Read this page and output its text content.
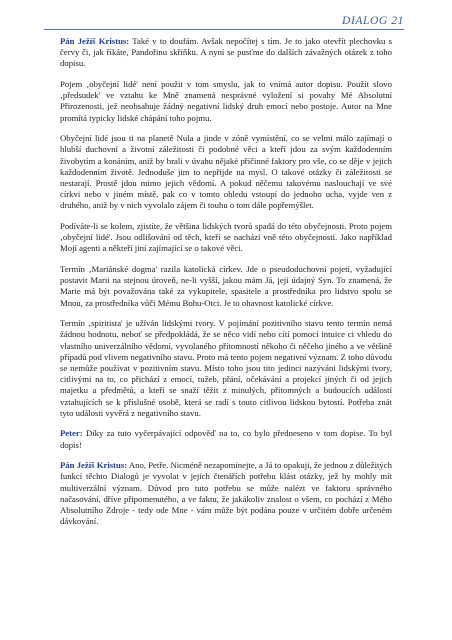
DIALOG 21

Pán Ježíš Kristus: Také v to doufám. Avšak nepočítej s tím. Je to jako otevřít plechovku s červy či, jak říkáte, Pandořinu skříňku. A nyní se pusťme do dalších závažných otázek z toho dopisu.

Pojem ‚obyčejní lidé' není použit v tom smyslu, jak to vnímá autor dopisu. Použít slovo ‚předsudek' ve vztahu ke Mně znamená nesprávné vyložení si povahy Mé Absolutní Přirozenosti, jež neobsahuje žádný negativní lidský druh emocí nebo postoje. Autor na Mne promítá typicky lidské chápání toho pojmu.

Obyčejní lidé jsou ti na planetě Nula a jinde v zóně vymístění, co se velmi málo zajímají o hlubší duchovní a životní záležitosti či podobné věci a kteří jdou za svým každodenním živobytím a konáním, aniž by brali v úvahu nějaké příčinné faktory pro vše, co se děje v jejich každodenním životě. Jednoduše jim to nepřijde na mysl. O takové otázky či záležitosti se nestarají. Prostě jdou mimo jejich vědomí. A pokud něčemu takovému naslouchají ve své církvi nebo v jiném místě, pak co v tomto ohledu vstoupí do jednoho ucha, vyjde ven z druhého, aniž by v nich vyvolalo zájem či touhu o tom dále popřemýšlet.

Podíváte-li se kolem, zjistíte, že většina lidských tvorů spadá do této obyčejnosti. Proto pojem ‚obyčejní lidé'. Jsou odlišování od těch, kteří se nachází vně této obyčejnosti. Jako například Mojí agenti a někteří jiní zajímající se o takové věci.

Termín ‚Mariánské dogma' razila katolická církev. Jde o pseudoduchovní pojetí, vyžadující postavit Marii na stejnou úroveň, ne-li vyšší, jakou mám Já, její údajný Syn. To znamená, že Marie má být považována také za vykupitele, spasitele a prostředníka pro lidstvo spolu se Mnou, za prostředníka vůči Mému Bohu-Otci. Je to ohavnost katolické církve.

Termín ‚spiritista' je užíván lidskými tvory. V pojímání pozitivního stavu tento termín nemá žádnou hodnotu, neboť se předpokládá, že se něco vidí nebo cítí pomocí intuice ci vhledu do vlastního univerzálního vědomí, vyvolaného přítomností někoho či něčeho jiného a ve většině případů pod vlivem negativního stavu. Proto má tento pojem negativní význam. Z toho důvodu se nemůže používat v pozitivním stavu. Místo toho jsou tito jedinci nazýváni lidskými tvory, citlivými na to, co přichází z emocí, tužeb, přání, očekávání a projekcí jiných či od jejich majetku a předmětů, a kteří se snaží těžit z minulých, přítomných a budoucích událostí vztahujících se k příslušné osobě, která se radí s touto citlivou lidskou bytostí. Potřeba znát tyto události vyvěrá z negativního stavu.

Peter: Díky za tuto vyčerpávající odpověď na to, co bylo předneseno v tom dopise. To byl dopis!

Pán Ježíš Kristus: Ano, Petře. Nicméně nezapomínejte, a Já to opakuji, že jednou z důležitých funkcí těchto Dialogů je vyvolat v jejich čtenářích potřebu klást otázky, jež by mohly mít multiverzální význam. Důvod pro tuto potřebu se může nalézt ve faktoru správného načasování, dříve připomenutého, a ve faktu, že jakákoliv znalost o všem, co pochází z Mého Absolutního Zdroje - tedy ode Mne - vám může být podána pouze v určitém dobře určeném dávkování.
